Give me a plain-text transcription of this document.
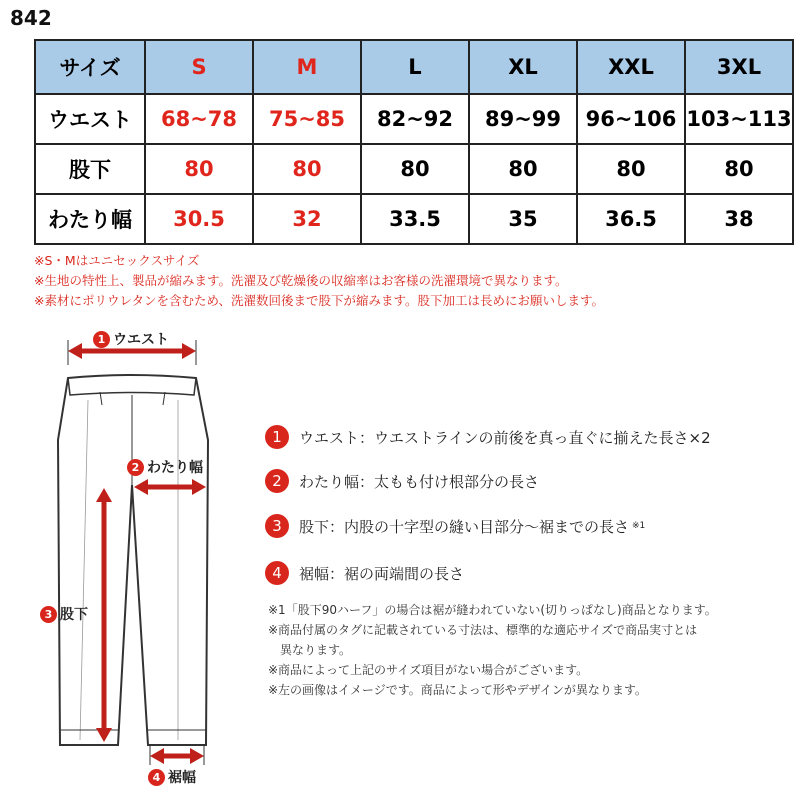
842
サイズ	S	M	L	XL	XXL	3XL
ウエスト	68~78	75~85	82~92	89~99	96~106	103~113
股下	80	80	80	80	80	80
わたり幅	30.5	32	33.5	35	36.5	38
※S・Mはユニセックスサイズ
※生地の特性上、製品が縮みます。洗濯及び乾燥後の収縮率はお客様の洗濯環境で異なります。
※素材にポリウレタンを含むため、洗濯数回後まで股下が縮みます。股下加工は長めにお願いします。
1 ウエスト
2 わたり幅
3 股下
4 裾幅
1	ウエスト：ウエストラインの前後を真っ直ぐに揃えた長さ×2
2	わたり幅：太もも付け根部分の長さ
3	股下：内股の十字型の縫い目部分〜裾までの長さ ※1
4	裾幅：裾の両端間の長さ
※1「股下90ハーフ」の場合は裾が縫われていない(切りっぱなし)商品となります。
※商品付属のタグに記載されている寸法は、標準的な適応サイズで商品実寸とは
異なります。
※商品によって上記のサイズ項目がない場合がございます。
※左の画像はイメージです。商品によって形やデザインが異なります。
